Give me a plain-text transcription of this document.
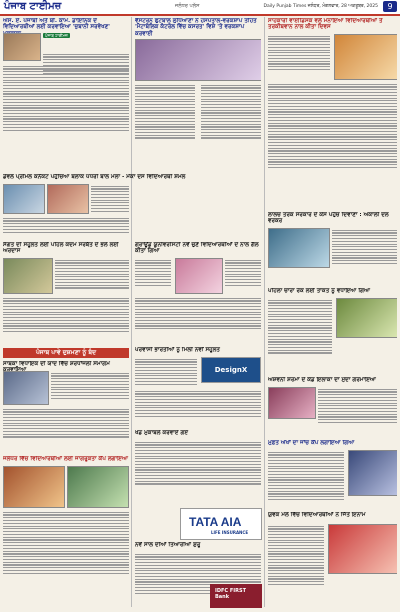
ਪੰਜਾਬ ਟਾਈਮਜ਼	ਜਲੰਧਰ ਪਲੱਸ	Daily Punjab Times ਜਲੰਧਰ, ਮੰਗਲਵਾਰ, 28 ਅਕਤੂਬਰ, 2025	9
ਐਸ. ਏ. ਪੰਜਾਬੀ ਅਤੇ ਬੀ. ਕਾਮ. ਡਾਇਨਿਕ ਦੇ ਵਿਦਿਆਰਥੀਆਂ ਲਈ ਕਰਵਾਇਆ 'ਜ਼ੁਬਾਨੀ ਸਰਵੇਖਣ'
ਪੰਜਾਬ ਟਾਈਮਜ਼
ਡੇਵਲੋ ਪ੍ਰੀਮਲ ਕਨੈਕਟ ਪਹੁੰਚਿਆ ਬਲਾਕ ਪੱਧਰੀ ਬਾਲ ਮੇਲਾ - ਮੌਕਾ ਦਸ ਵਿਦਿਆਰਥੀ ਸ਼ਮਲ
ਸੰਗਤ ਦੀ ਸਹੂਲਤ ਲਈ ਪਹਿਲ ਕਦਮ ਸਰਬੱਤ ਦੇ ਭਲੇ ਲਈ ਅਰਦਾਸ
ਪੰਜਾਬ ਪਾਵੇ ਦੁਸ਼ਮਣਾ ਨੂੰ ਬੰਦ
ਸਾਬਕਾ ਵਿਧਾਇਕ ਦੀ ਯਾਦ ਵਿੱਚ ਸ਼ਰਧਾਂਜਲੀ ਸਮਾਗਮ
ਜਲੰਧਰ ਵਿੱਚ ਵਿਦਿਆਰਥੀਆਂ ਲਈ ਜਾਗਰੂਕਤਾ ਕੈਂਪ ਲਗਾਇਆ
ਵੈਸਟਰਨ ਫੁਟਬਾਲ ਲੁਧਿਆਣਾ ਨੇ ਹਸਪੱਤਾਲ-ਵਰਕਸ਼ਾਪ ਤਹਿਤ 'ਮੈਟਾਬੋਲਿਕ ਕੰਟਰੋਲ ਵਿੱਚ ਕਸਰਤ' ਵਿਸ਼ੇ 'ਤੇ ਵਰਕਸ਼ਾਪ ਕਰਵਾਈ
ਗਰਾਊਂਡ ਯੂਨੀਵਰਸਿਟੀ ਨਵੇਂ ਚੁਣੇ ਵਿਦਿਆਰਥੀਆਂ ਦੇ ਨਾਲ ਗੱਲ ਕੀਤਾ ਗਿਆ
ਪਰਵਾਸੀ ਭਾਰਤੀਆਂ ਨੂੰ ਮਿਲੀ ਨਵੀਂ ਸਹੂਲਤ
DesignX
ਖੇਡ ਮੁਕਾਬਲੇ ਕਰਵਾਏ ਗਏ
TATA AIA
LIFE INSURANCE
ਨਵੇਂ ਸਾਲ ਦੀਆਂ ਤਿਆਰੀਆਂ ਸ਼ੁਰੂ
ਸਾਹਕਾਰੀ ਵਾਈਡਿਸਕ ਵਲੋਂ ਮਨਾਇਆ ਵਿਦਿਆਰਥੀਆਂ ਤੇ ਤਰਕੀਬਵਾਨ ਨਾਲ ਕੀਤਾ ਦਿਵਸ
ਲਾਲਚ ਤਰਕ ਸਰਕਾਰ ਦੇ ਕੇਸ ਪਹੁੰਚ ਦਿਵਾਣਾ : ਅਕਾਲੀ ਦਲ ਵਰਕਰ
ਪਹਿਲਾ ਚਾਰਾ ਰੋਕ ਲਈ ਤਾਕਤ ਨੂੰ ਵਧਾਇਆ ਗਿਆ
ਅਸ਼ਵਨੀ ਸ਼ਰਮਾ ਦੇ ਕੋਡ ਇਲਾਕਾ ਦਾ ਮੁੱਦਾ ਗਰਮਾਇਆ
ਮੁਫ਼ਤ ਅੱਖਾਂ ਦਾ ਜਾਂਚ ਕੈਂਪ ਲਗਾਇਆ ਗਿਆ
ਯੁਵਕ ਮੇਲੇ ਵਿੱਚ ਵਿਦਿਆਰਥੀਆਂ ਨੇ ਜਿੱਤੇ ਇਨਾਮ
IDFC FIRST Bank
